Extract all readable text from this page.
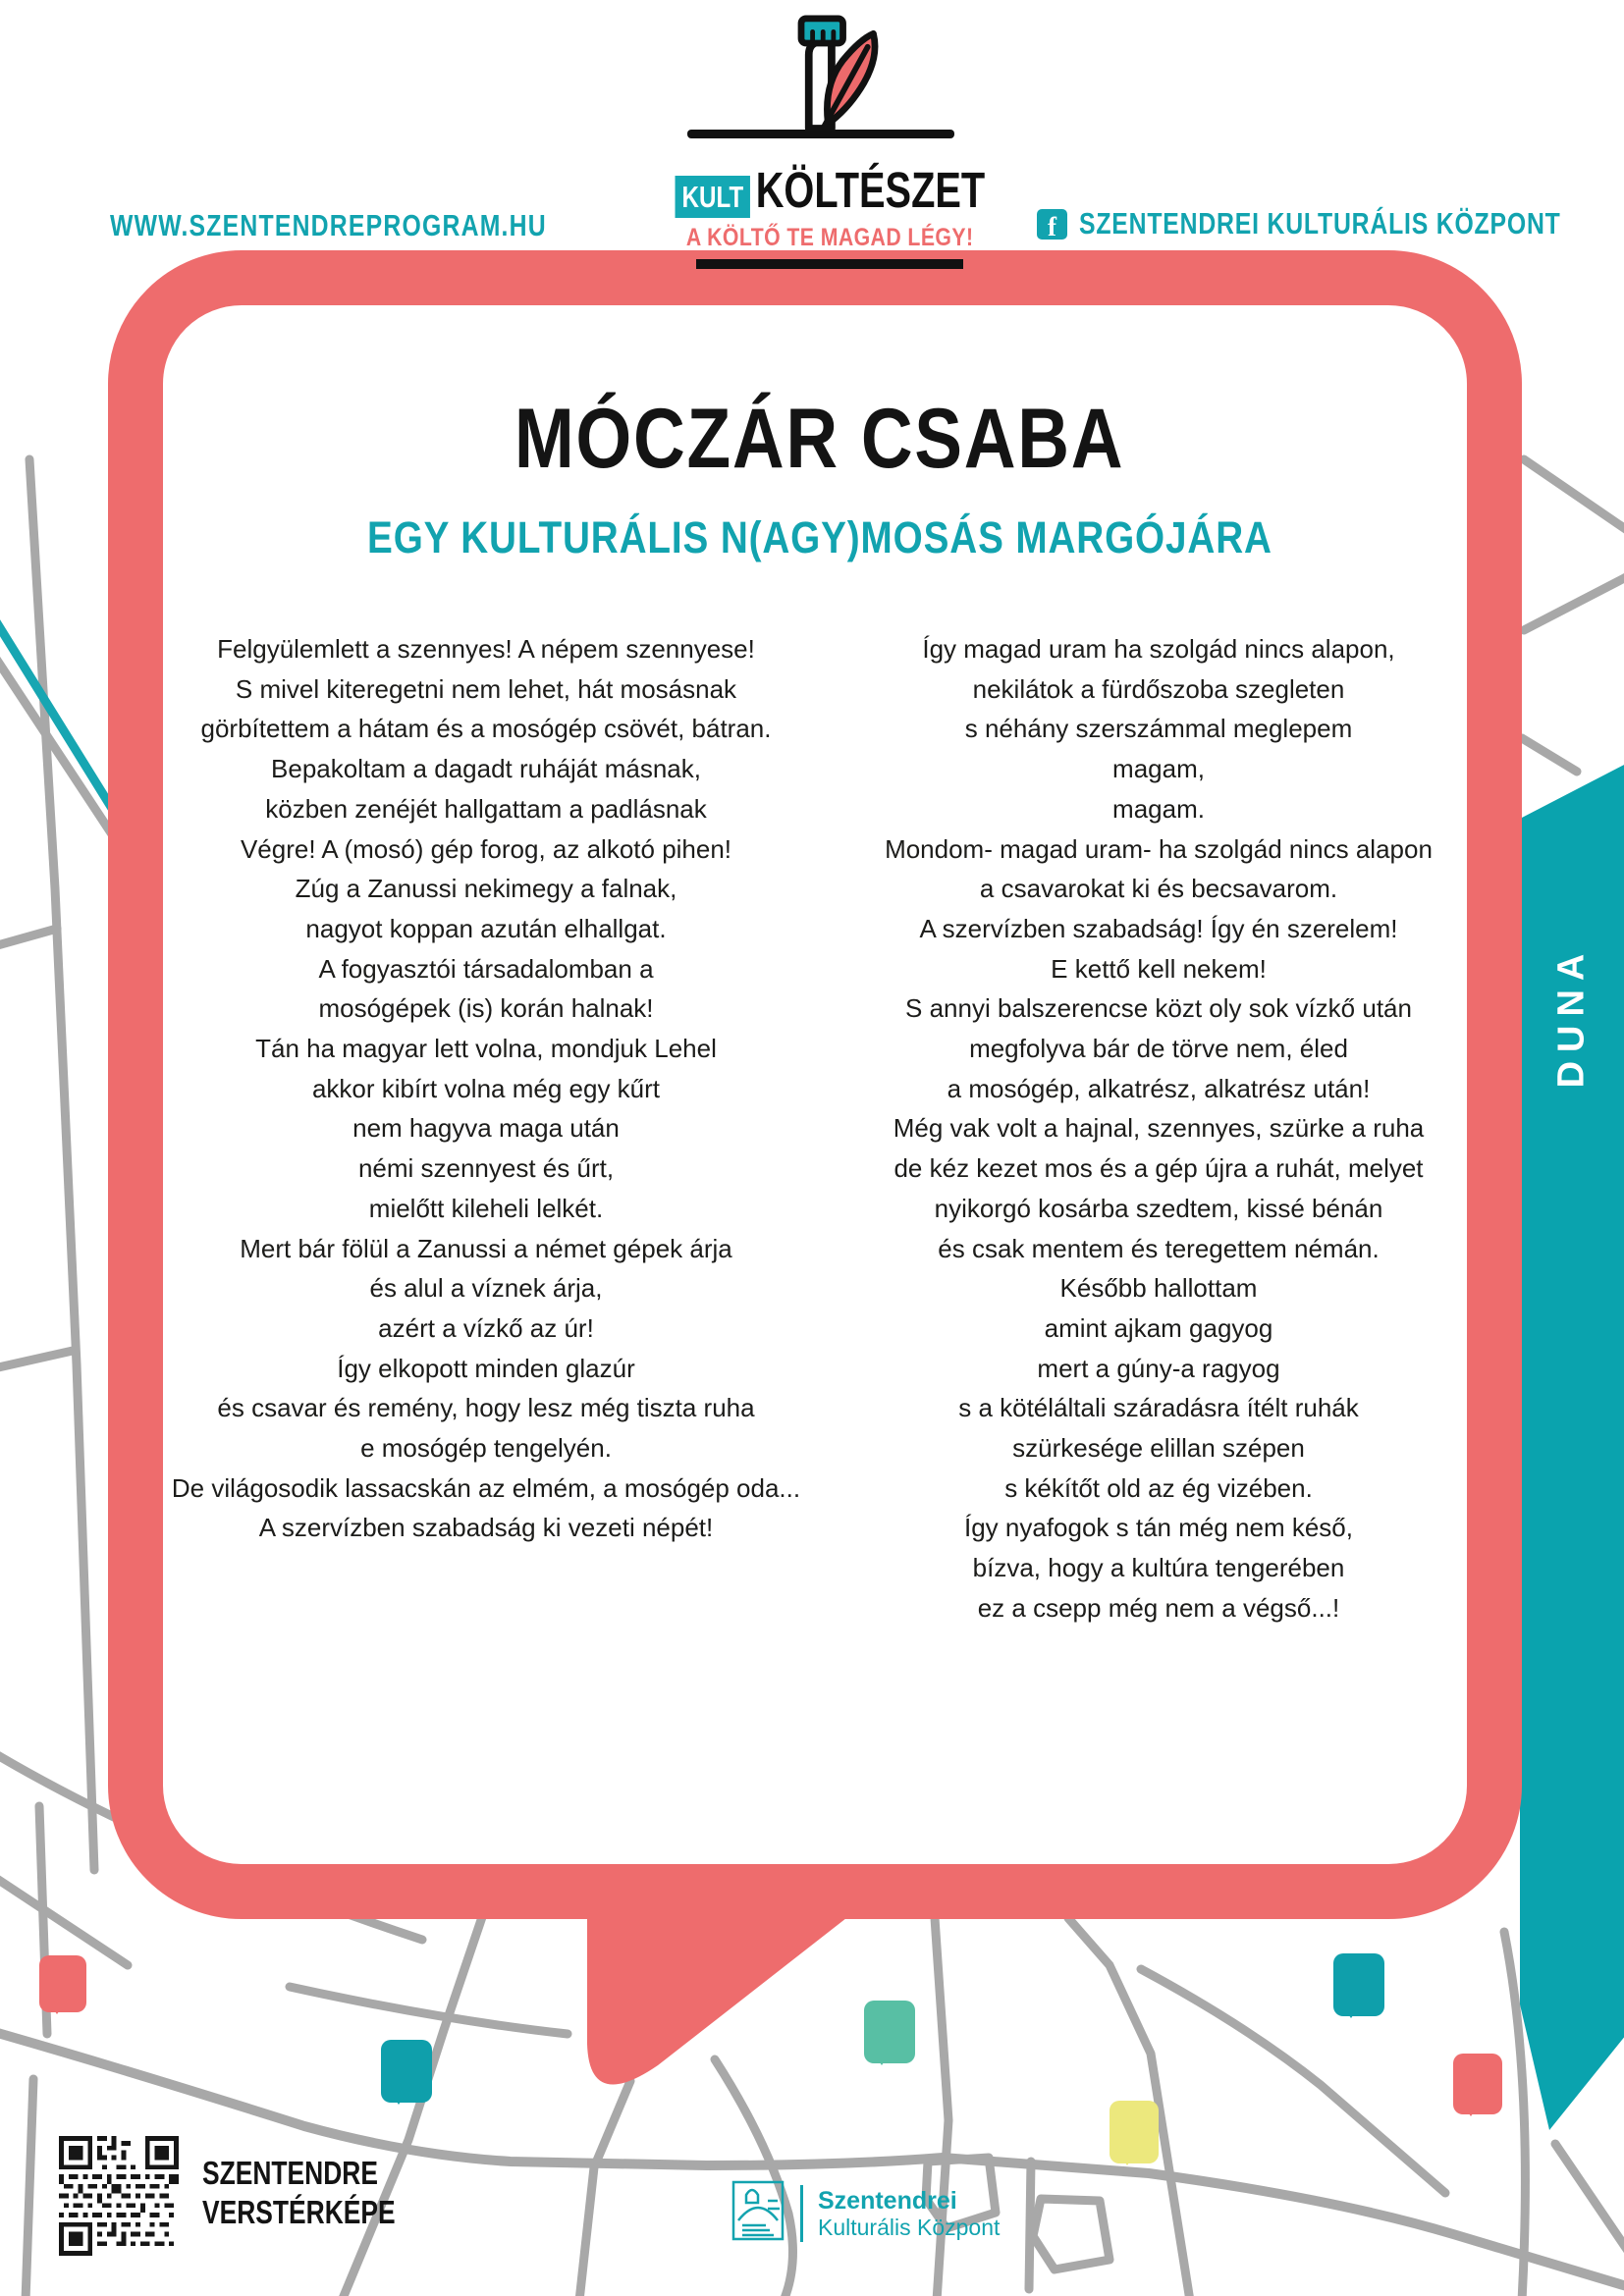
WWW.SZENTENDREPROGRAM.HU
KULT KÖLTÉSZET
A KÖLTŐ TE MAGAD LÉGY!	f SZENTENDREI KULTURÁLIS KÖZPONT
MÓCZÁR CSABA
EGY KULTURÁLIS N(AGY)MOSÁS MARGÓJÁRA
Felgyülemlett a szennyes! A népem szennyese!
S mivel kiteregetni nem lehet, hát mosásnak
görbítettem a hátam és a mosógép csövét, bátran.
Bepakoltam a dagadt ruháját másnak,
közben zenéjét hallgattam a padlásnak
Végre! A (mosó) gép forog, az alkotó pihen!
Zúg a Zanussi nekimegy a falnak,
nagyot koppan azután elhallgat.
A fogyasztói társadalomban a
mosógépek (is) korán halnak!
Tán ha magyar lett volna, mondjuk Lehel
akkor kibírt volna még egy kűrt
nem hagyva maga után
némi szennyest és űrt,
mielőtt kileheli lelkét.
Mert bár fölül a Zanussi a német gépek árja
és alul a víznek árja,
azért a vízkő az úr!
Így elkopott minden glazúr
és csavar és remény, hogy lesz még tiszta ruha
e mosógép tengelyén.
De világosodik lassacskán az elmém, a mosógép oda...
A szervízben szabadság ki vezeti népét!
Így magad uram ha szolgád nincs alapon,
nekilátok a fürdőszoba szegleten
s néhány szerszámmal meglepem
magam,
magam.
Mondom- magad uram- ha szolgád nincs alapon
a csavarokat ki és becsavarom.
A szervízben szabadság! Így én szerelem!
E kettő kell nekem!
S annyi balszerencse közt oly sok vízkő után
megfolyva bár de törve nem, éled
a mosógép, alkatrész, alkatrész után!
Még vak volt a hajnal, szennyes, szürke a ruha
de kéz kezet mos és a gép újra a ruhát, melyet
nyikorgó kosárba szedtem, kissé bénán
és csak mentem és teregettem némán.
Később hallottam
amint ajkam gagyog
mert a gúny-a ragyog
s a kötéláltali száradásra ítélt ruhák
szürkesége elillan szépen
s kékítőt old az ég vizében.
Így nyafogok s tán még nem késő,
bízva, hogy a kultúra tengerében
ez a csepp még nem a végső...!
DUNA
SZENTENDRE
VERSTÉRKÉPE	Szentendrei
Kulturális Központ
